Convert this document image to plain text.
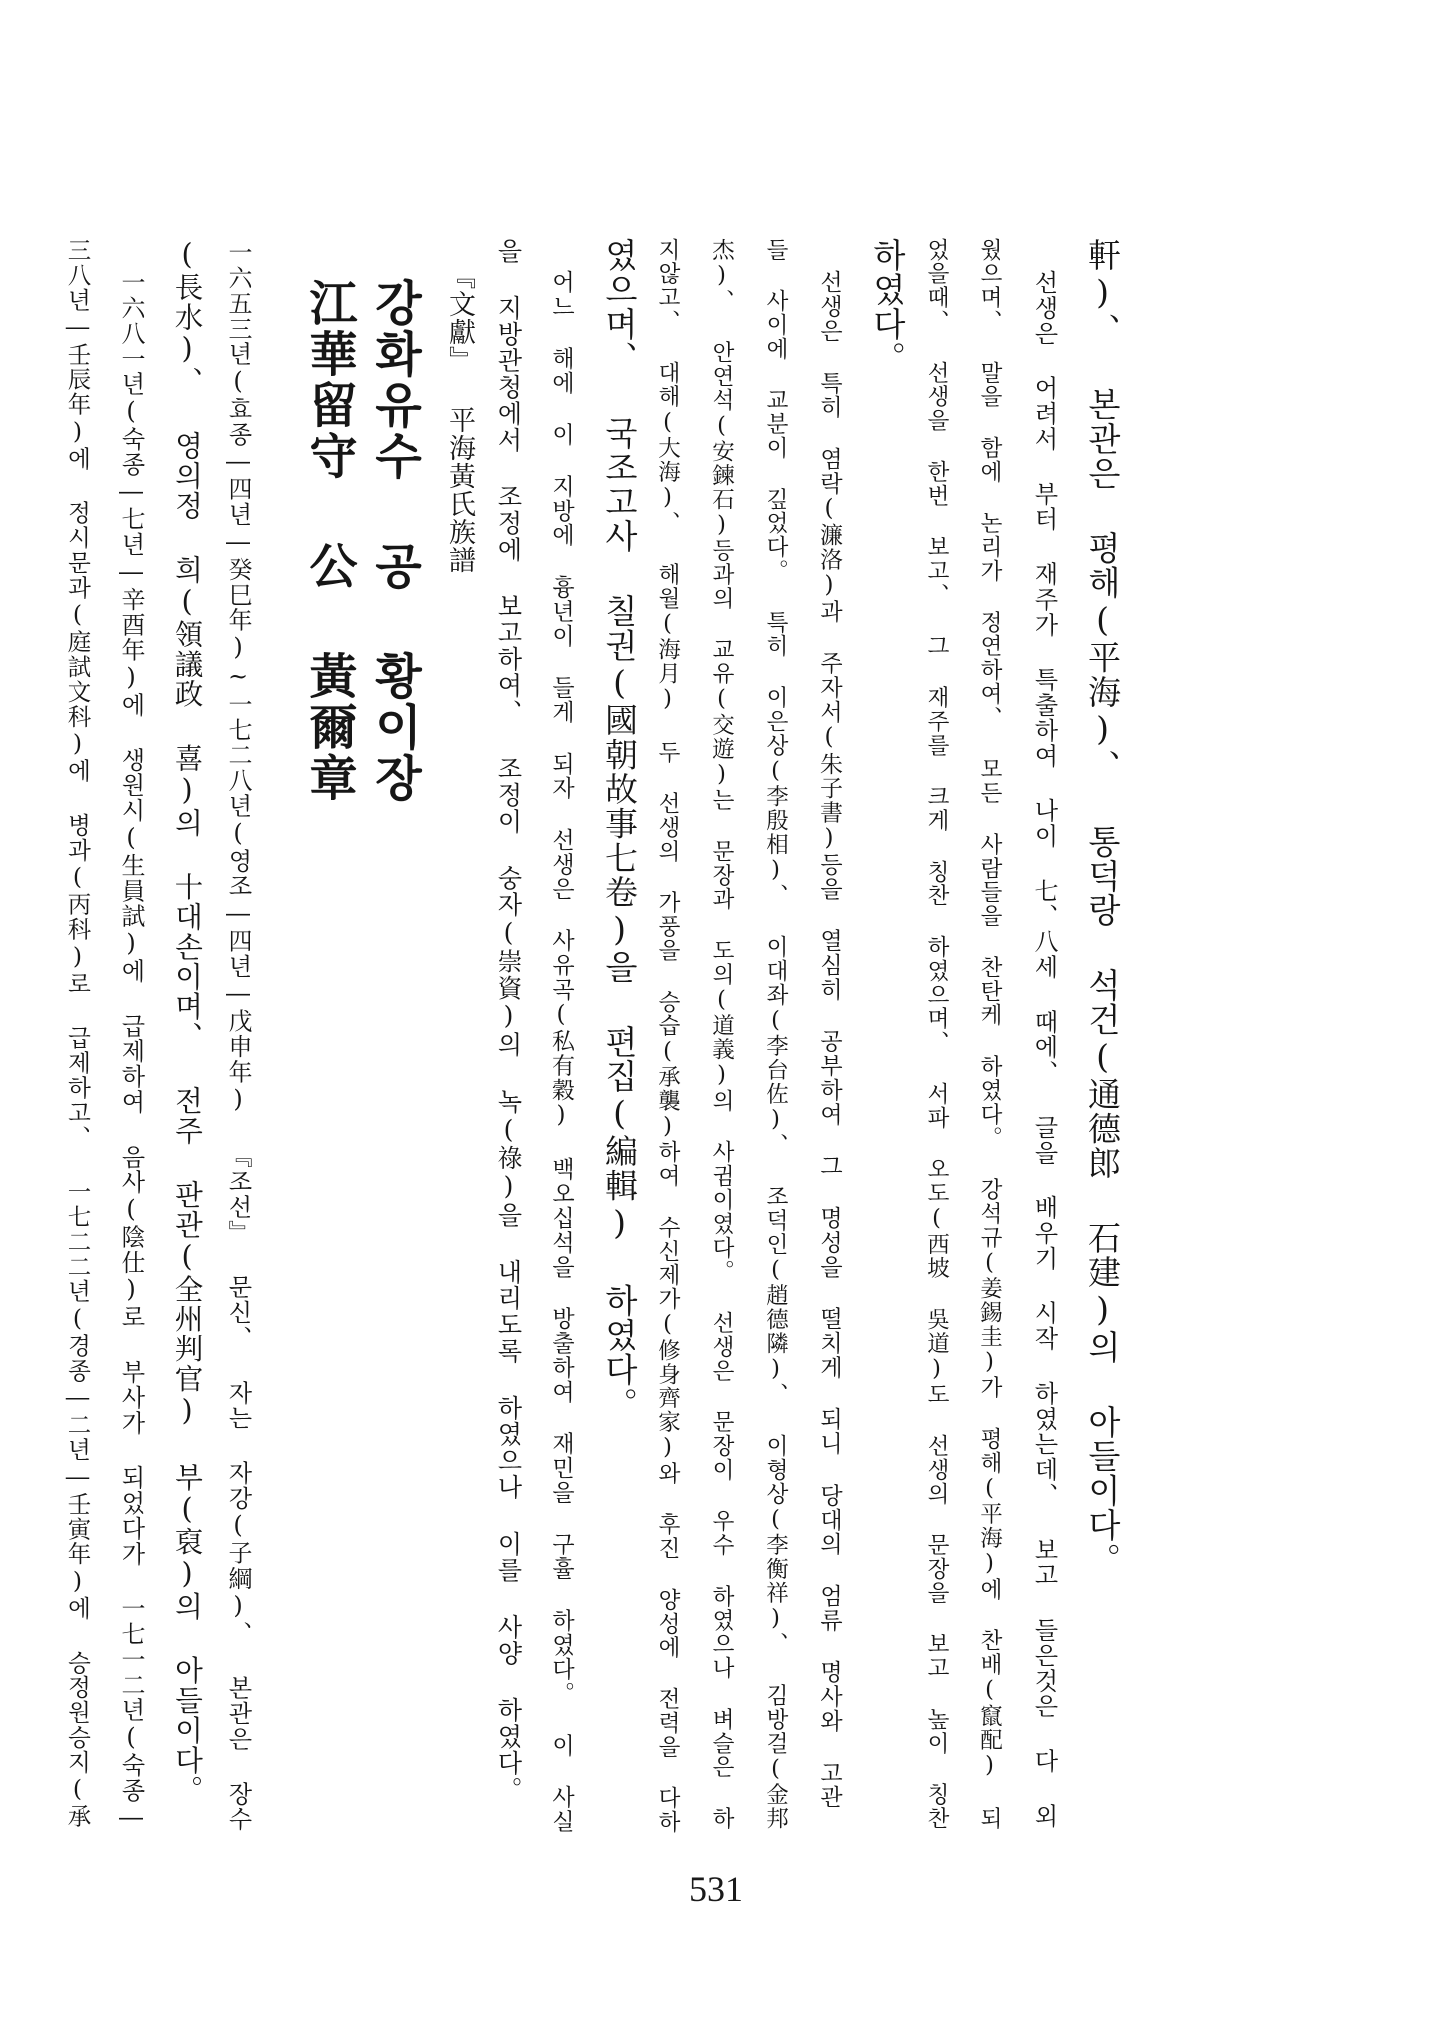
軒)、 본관은 평해(平海)、 통덕랑 석건(通德郎 石建)의 아들이다。
선생은 어려서 부터 재주가 특출하여 나이 七、八세 때에、 글을 배우기 시작 하였는데、 보고 들은것은 다 외
웠으며、 말을 함에 논리가 정연하여、 모든 사람들을 찬탄케 하였다。 강석규(姜錫圭)가 평해(平海)에 찬배(竄配) 되
었을때、 선생을 한번 보고、 그 재주를 크게 칭찬 하였으며、 서파 오도(西坡 吳道)도 선생의 문장을 보고 높이 칭찬
하였다。
선생은 특히 염락(濂洛)과 주자서(朱子書)등을 열심히 공부하여 그 명성을 떨치게 되니 당대의 엄류 명사와 고관
들 사이에 교분이 깊었다。 특히 이은상(李殷相)、 이대좌(李台佐)、 조덕인(趙德隣)、 이형상(李衡祥)、 김방걸(金邦
杰)、 안연석(安鍊石)등과의 교유(交遊)는 문장과 도의(道義)의 사귐이였다。 선생은 문장이 우수 하였으나 벼슬은 하
지않고、 대해(大海)、 해월(海月) 두 선생의 가풍을 승습(承襲)하여 수신제가(修身齊家)와 후진 양성에 전력을 다하
였으며、 국조고사 칠권(國朝故事七卷)을 편집(編輯) 하였다。
어느 해에 이 지방에 흉년이 들게 되자 선생은 사유곡(私有穀) 백오십석을 방출하여 재민을 구휼 하였다。 이 사실
을 지방관청에서 조정에 보고하여、 조정이 숭자(崇資)의 녹(祿)을 내리도록 하였으나 이를 사양 하였다。
『文獻』 平海黃氏族譜
강화유수 공 황이장
江華留守 公 黃爾章
一六五三년(효종―四년―癸巳年)~一七二八년(영조―四년―戊申年) 『조선』 문신、 자는 자강(子綱)、 본관은 장수
(長水)、 영의정 희(領議政 喜)의 十대손이며、 전주 판관(全州判官) 부(裒)의 아들이다。
一六八一년(숙종―七년―辛酉年)에 생원시(生員試)에 급제하여 음사(陰仕)로 부사가 되었다가 一七一二년(숙종―
三八년―壬辰年)에 정시문과(庭試文科)에 병과(丙科)로 급제하고、 一七二二년(경종―二년―壬寅年)에 승정원승지(承
531
